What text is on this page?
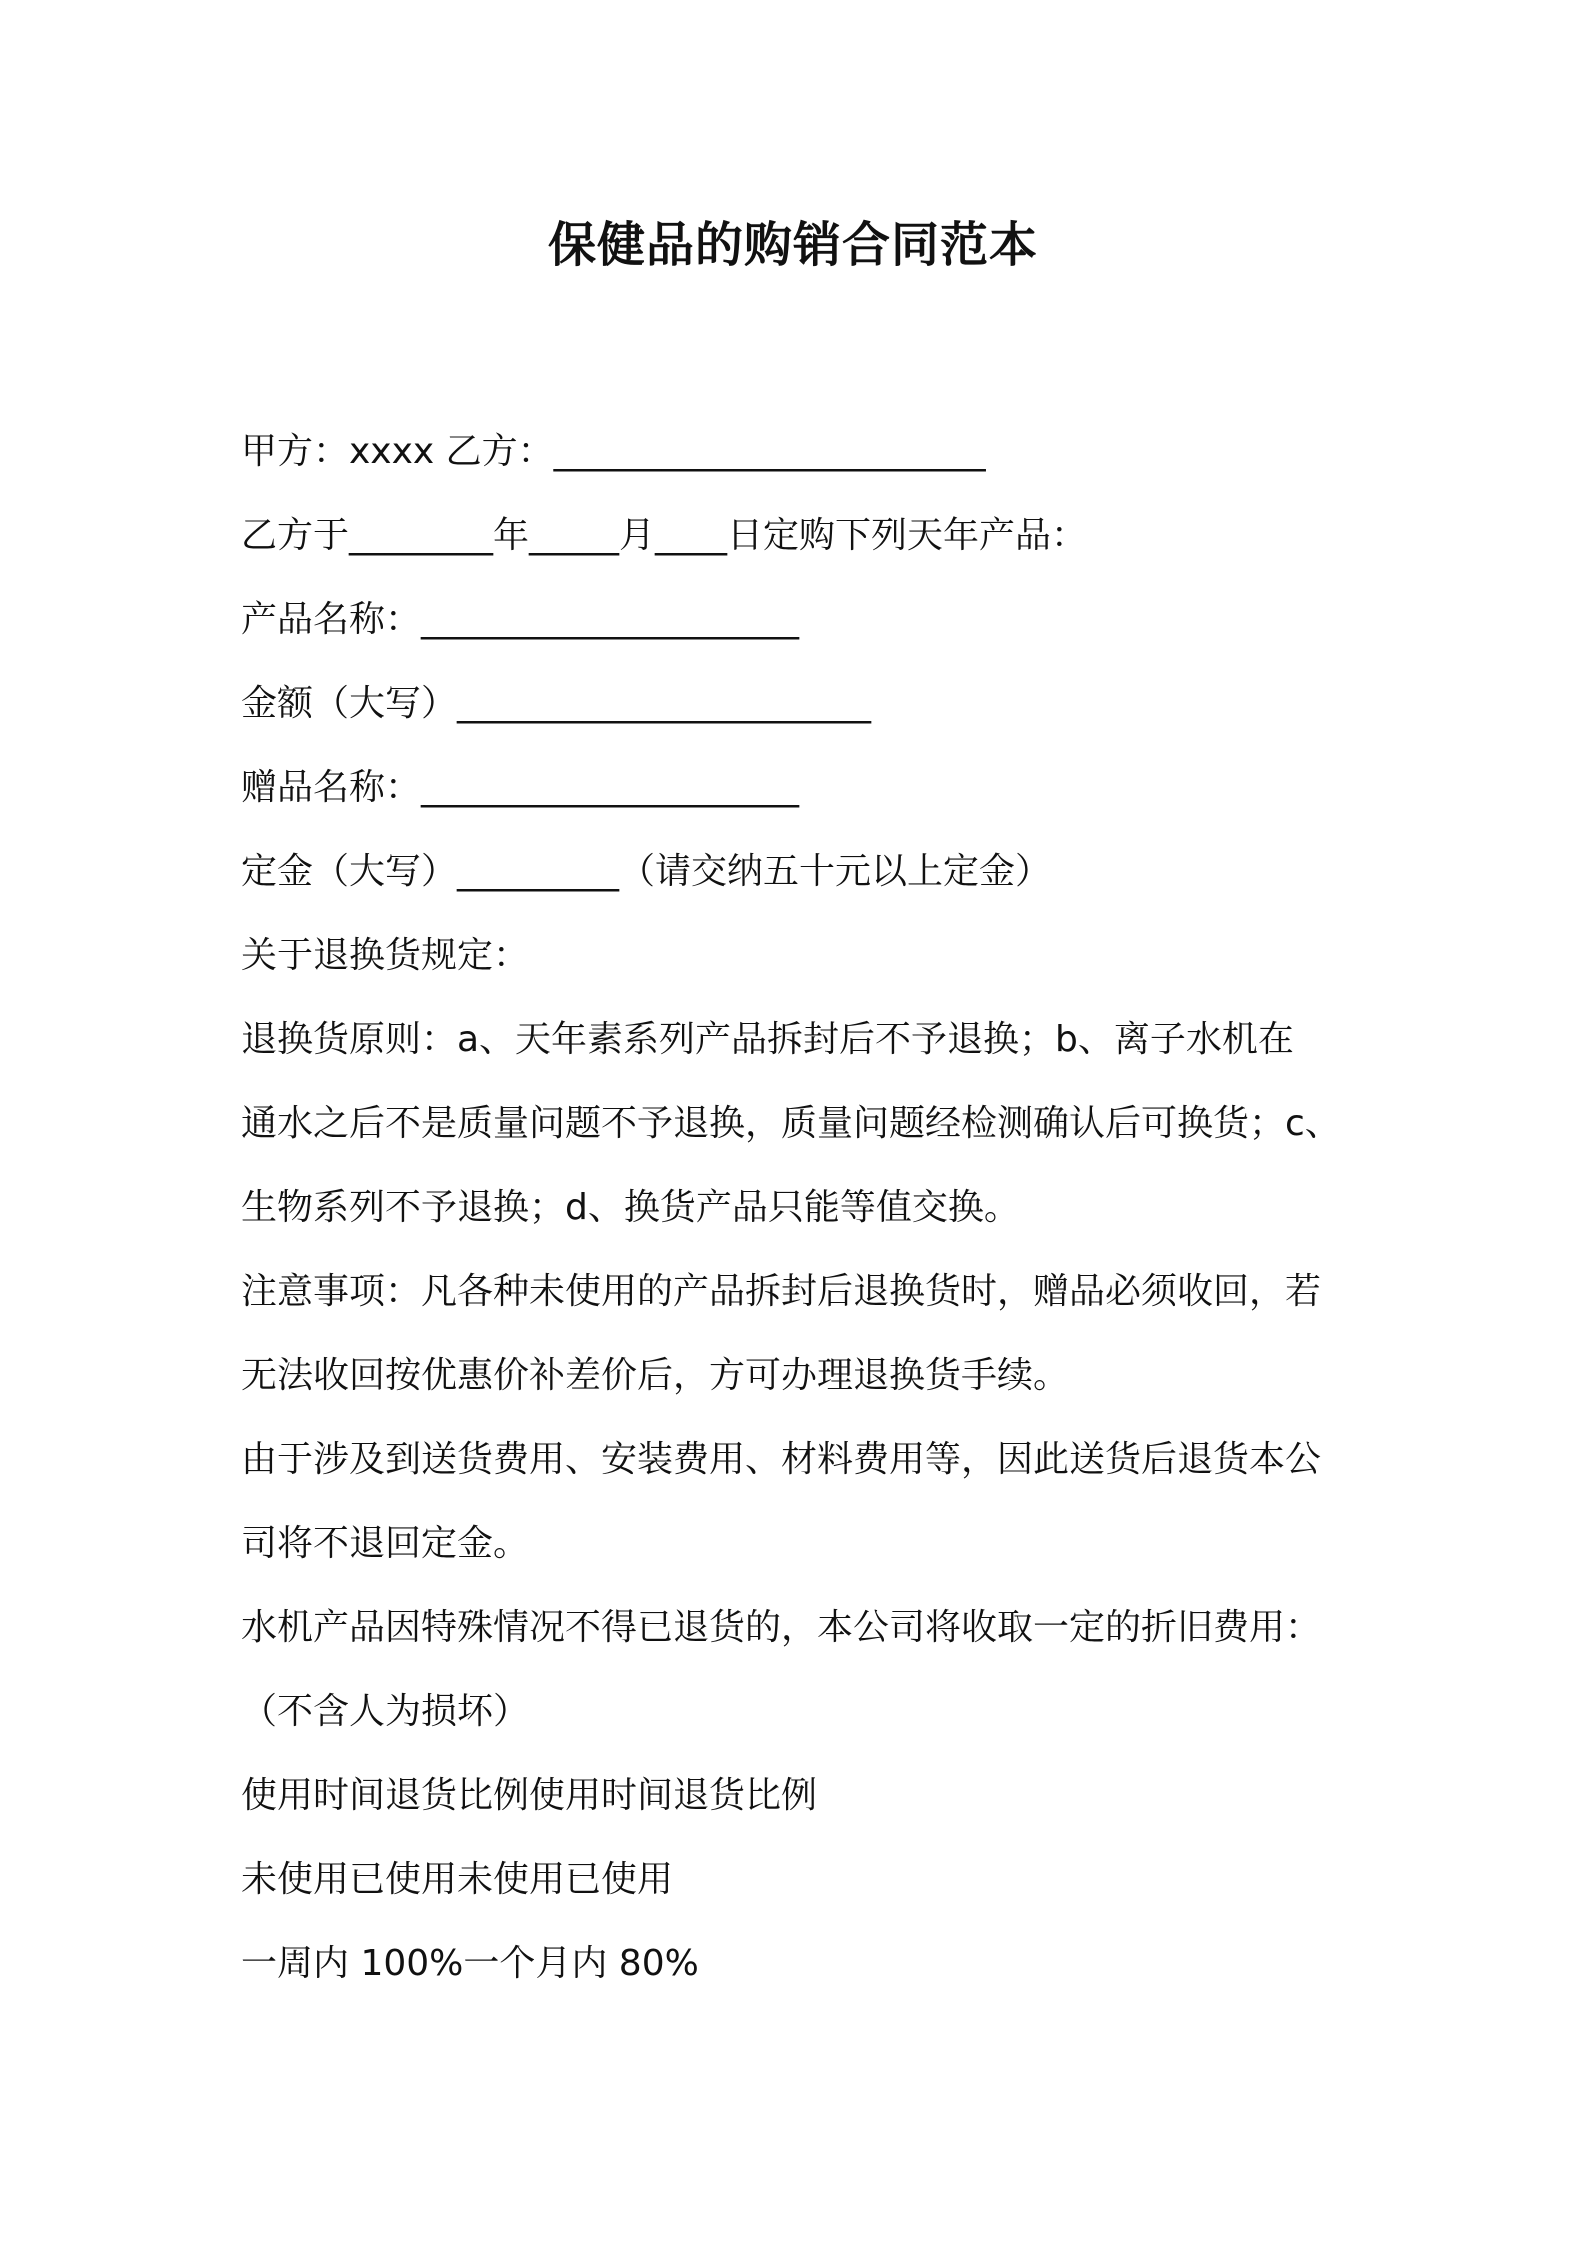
保健品的购销合同范本

甲方：xxxx 乙方：________________________

乙方于________年_____月____日定购下列天年产品：

产品名称：_____________________

金额（大写）_______________________

赠品名称：_____________________

定金（大写）_________（请交纳五十元以上定金）

关于退换货规定：

退换货原则：a、天年素系列产品拆封后不予退换；b、离子水机在

通水之后不是质量问题不予退换，质量问题经检测确认后可换货；c、

生物系列不予退换；d、换货产品只能等值交换。

注意事项：凡各种未使用的产品拆封后退换货时，赠品必须收回，若

无法收回按优惠价补差价后，方可办理退换货手续。

由于涉及到送货费用、安装费用、材料费用等，因此送货后退货本公

司将不退回定金。

水机产品因特殊情况不得已退货的，本公司将收取一定的折旧费用：

（不含人为损坏）

使用时间退货比例使用时间退货比例

未使用已使用未使用已使用

一周内 100%一个月内 80%
